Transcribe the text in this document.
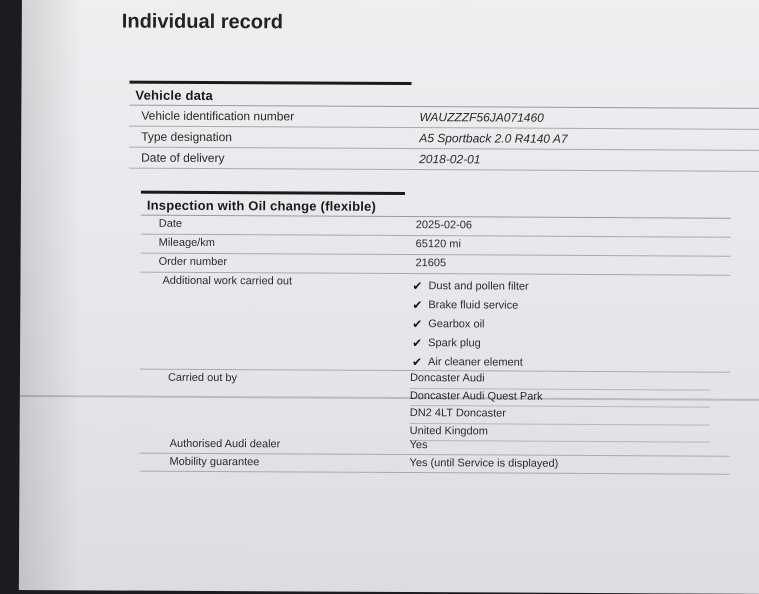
Individual record
Vehicle data
Vehicle identification number	WAUZZZF56JA071460
Type designation	A5 Sportback 2.0 R4140 A7
Date of delivery	2018-02-01
Inspection with Oil change (flexible)
Date	2025-02-06
Mileage/km	65120 mi
Order number	21605
Additional work carried out	✔ Dust and pollen filter
✔ Brake fluid service
✔ Gearbox oil
✔ Spark plug
✔ Air cleaner element
Carried out by	Doncaster Audi
Doncaster Audi Quest Park
DN2 4LT Doncaster
United Kingdom
Authorised Audi dealer	Yes
Mobility guarantee	Yes (until Service is displayed)
